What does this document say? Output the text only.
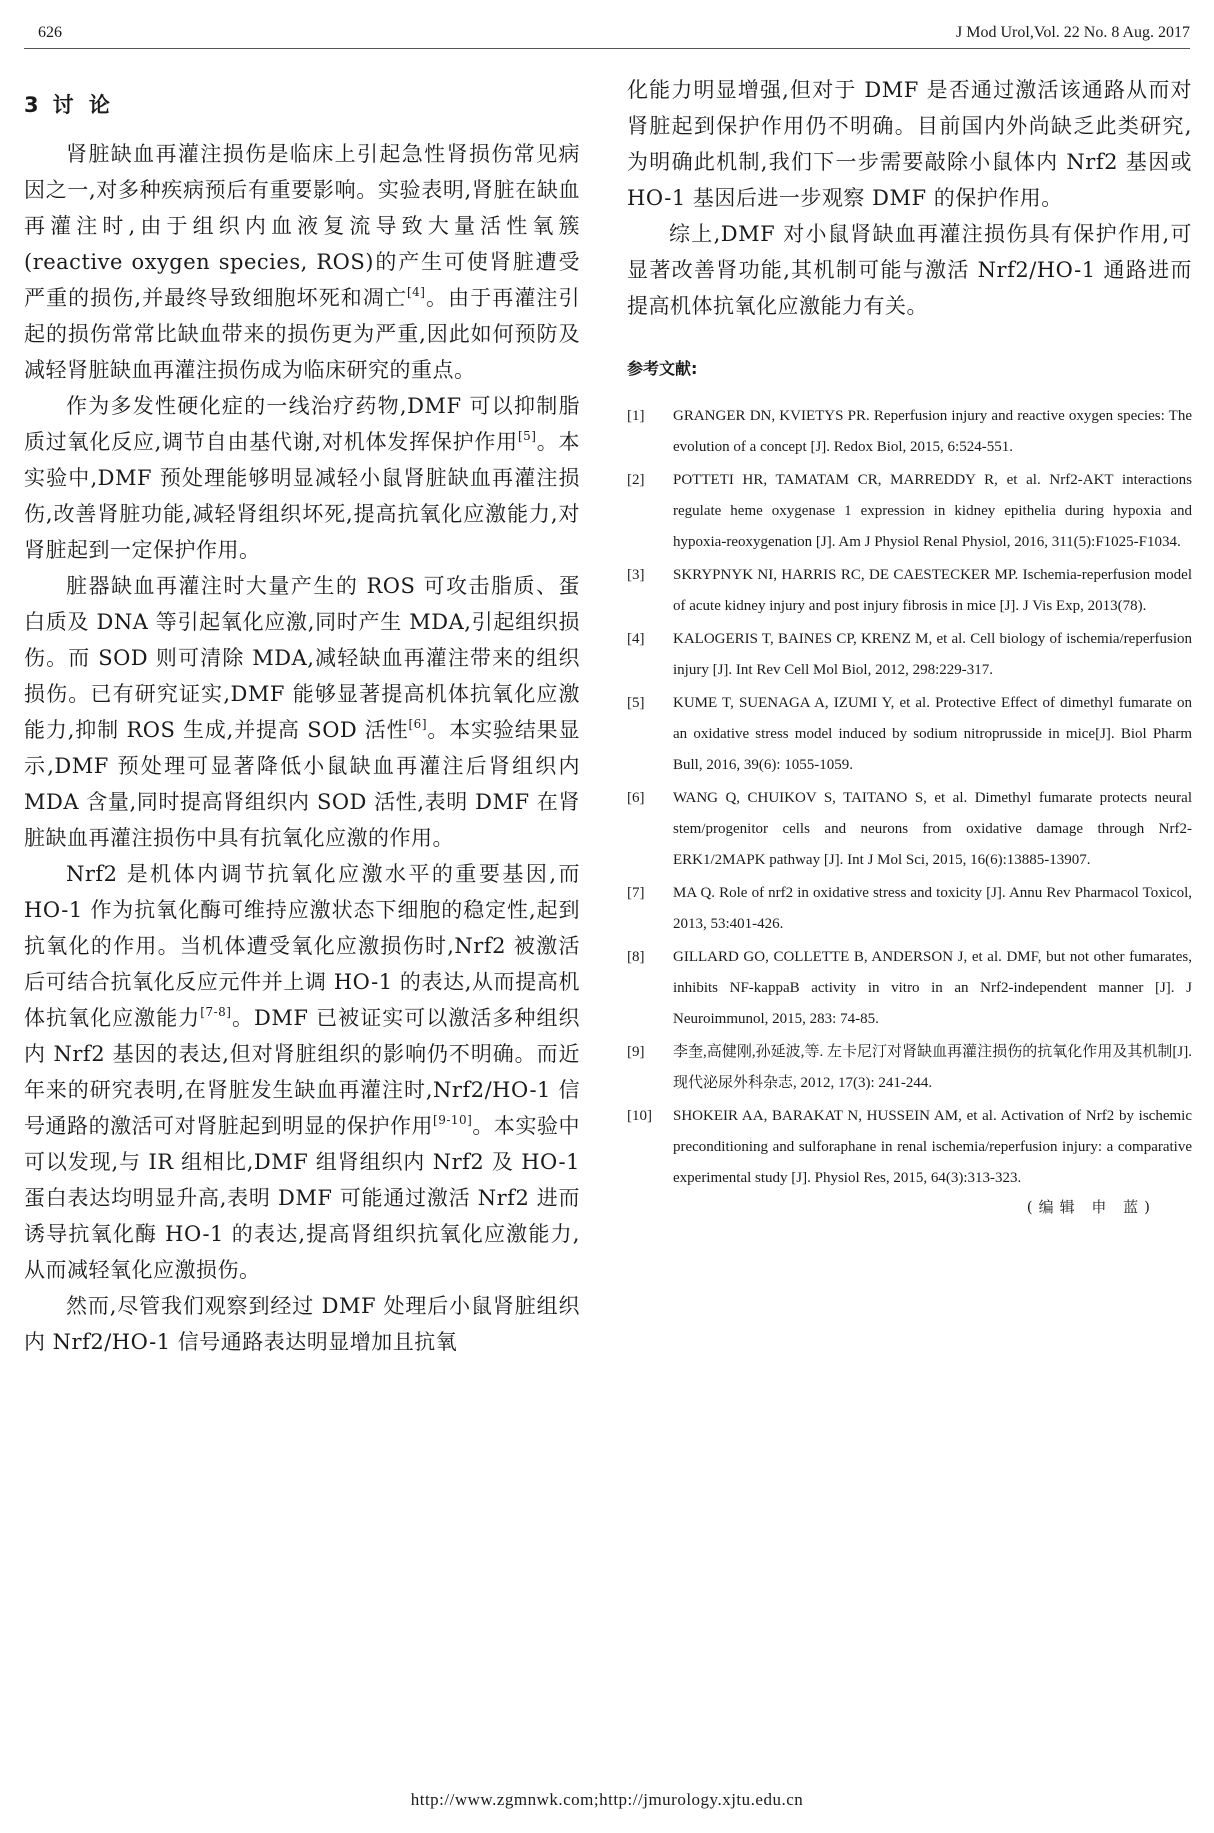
626	J Mod Urol,Vol. 22 No. 8 Aug. 2017
3 讨 论

肾脏缺血再灌注损伤是临床上引起急性肾损伤常见病因之一,对多种疾病预后有重要影响。实验表明,肾脏在缺血再灌注时,由于组织内血液复流导致大量活性氧簇(reactive oxygen species, ROS)的产生可使肾脏遭受严重的损伤,并最终导致细胞坏死和凋亡[4]。由于再灌注引起的损伤常常比缺血带来的损伤更为严重,因此如何预防及减轻肾脏缺血再灌注损伤成为临床研究的重点。

作为多发性硬化症的一线治疗药物,DMF 可以抑制脂质过氧化反应,调节自由基代谢,对机体发挥保护作用[5]。本实验中,DMF 预处理能够明显减轻小鼠肾脏缺血再灌注损伤,改善肾脏功能,减轻肾组织坏死,提高抗氧化应激能力,对肾脏起到一定保护作用。

脏器缺血再灌注时大量产生的 ROS 可攻击脂质、蛋白质及 DNA 等引起氧化应激,同时产生 MDA,引起组织损伤。而 SOD 则可清除 MDA,减轻缺血再灌注带来的组织损伤。已有研究证实,DMF 能够显著提高机体抗氧化应激能力,抑制 ROS 生成,并提高 SOD 活性[6]。本实验结果显示,DMF 预处理可显著降低小鼠缺血再灌注后肾组织内 MDA 含量,同时提高肾组织内 SOD 活性,表明 DMF 在肾脏缺血再灌注损伤中具有抗氧化应激的作用。

Nrf2 是机体内调节抗氧化应激水平的重要基因,而 HO-1 作为抗氧化酶可维持应激状态下细胞的稳定性,起到抗氧化的作用。当机体遭受氧化应激损伤时,Nrf2 被激活后可结合抗氧化反应元件并上调 HO-1 的表达,从而提高机体抗氧化应激能力[7-8]。DMF 已被证实可以激活多种组织内 Nrf2 基因的表达,但对肾脏组织的影响仍不明确。而近年来的研究表明,在肾脏发生缺血再灌注时,Nrf2/HO-1 信号通路的激活可对肾脏起到明显的保护作用[9-10]。本实验中可以发现,与 IR 组相比,DMF 组肾组织内 Nrf2 及 HO-1 蛋白表达均明显升高,表明 DMF 可能通过激活 Nrf2 进而诱导抗氧化酶 HO-1 的表达,提高肾组织抗氧化应激能力,从而减轻氧化应激损伤。

然而,尽管我们观察到经过 DMF 处理后小鼠肾脏组织内 Nrf2/HO-1 信号通路表达明显增加且抗氧

化能力明显增强,但对于 DMF 是否通过激活该通路从而对肾脏起到保护作用仍不明确。目前国内外尚缺乏此类研究,为明确此机制,我们下一步需要敲除小鼠体内 Nrf2 基因或 HO-1 基因后进一步观察 DMF 的保护作用。

综上,DMF 对小鼠肾缺血再灌注损伤具有保护作用,可显著改善肾功能,其机制可能与激活 Nrf2/HO-1 通路进而提高机体抗氧化应激能力有关。

参考文献:
[1] GRANGER DN, KVIETYS PR. Reperfusion injury and reactive oxygen species: The evolution of a concept [J]. Redox Biol, 2015, 6:524-551.
[2] POTTETI HR, TAMATAM CR, MARREDDY R, et al. Nrf2-AKT interactions regulate heme oxygenase 1 expression in kidney epithelia during hypoxia and hypoxia-reoxygenation [J]. Am J Physiol Renal Physiol, 2016, 311(5):F1025-F1034.
[3] SKRYPNYK NI, HARRIS RC, DE CAESTECKER MP. Ischemia-reperfusion model of acute kidney injury and post injury fibrosis in mice [J]. J Vis Exp, 2013(78).
[4] KALOGERIS T, BAINES CP, KRENZ M, et al. Cell biology of ischemia/reperfusion injury [J]. Int Rev Cell Mol Biol, 2012, 298:229-317.
[5] KUME T, SUENAGA A, IZUMI Y, et al. Protective Effect of dimethyl fumarate on an oxidative stress model induced by sodium nitroprusside in mice[J]. Biol Pharm Bull, 2016, 39(6): 1055-1059.
[6] WANG Q, CHUIKOV S, TAITANO S, et al. Dimethyl fumarate protects neural stem/progenitor cells and neurons from oxidative damage through Nrf2-ERK1/2MAPK pathway [J]. Int J Mol Sci, 2015, 16(6):13885-13907.
[7] MA Q. Role of nrf2 in oxidative stress and toxicity [J]. Annu Rev Pharmacol Toxicol, 2013, 53:401-426.
[8] GILLARD GO, COLLETTE B, ANDERSON J, et al. DMF, but not other fumarates, inhibits NF-kappaB activity in vitro in an Nrf2-independent manner [J]. J Neuroimmunol, 2015, 283: 74-85.
[9] 李奎,高健刚,孙延波,等. 左卡尼汀对肾缺血再灌注损伤的抗氧化作用及其机制[J]. 现代泌尿外科杂志, 2012, 17(3): 241-244.
[10] SHOKEIR AA, BARAKAT N, HUSSEIN AM, et al. Activation of Nrf2 by ischemic preconditioning and sulforaphane in renal ischemia/reperfusion injury: a comparative experimental study [J]. Physiol Res, 2015, 64(3):313-323.
(编辑 申 蓝)
http://www.zgmnwk.com;http://jmurology.xjtu.edu.cn
